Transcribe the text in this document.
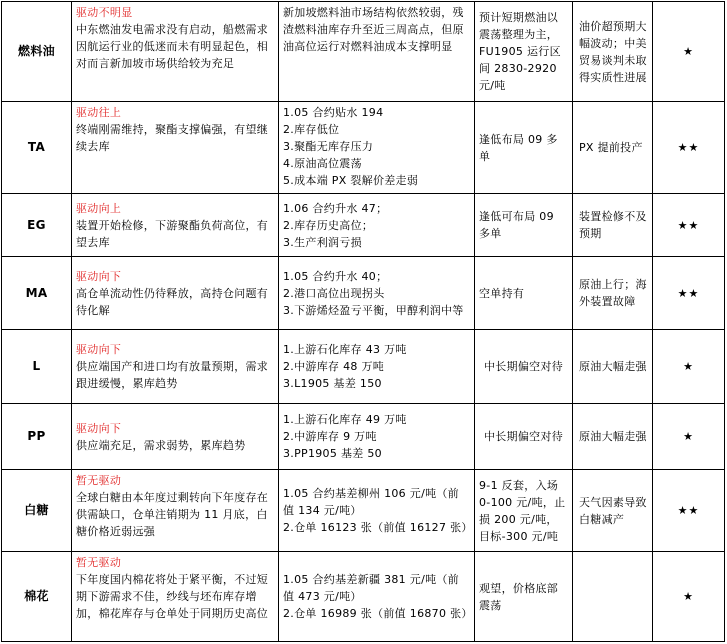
燃料油	驱动不明显
中东燃油发电需求没有启动，船燃需求因航运行业的低迷而未有明显起色，相对而言新加坡市场供给较为充足	新加坡燃料油市场结构依然较弱，残渣燃料油库存升至近三周高点，但原油高位运行对燃料油成本支撑明显	预计短期燃油以震荡整理为主，FU1905 运行区间 2830-2920 元/吨	油价超预期大幅波动；中美贸易谈判未取得实质性进展	★
TA	驱动往上
终端刚需维持，聚酯支撑偏强，有望继续去库	1.05 合约贴水 194
2.库存低位
3.聚酯无库存压力
4.原油高位震荡
5.成本端 PX 裂解价差走弱	逢低布局 09 多单	PX 提前投产	★★
EG	驱动向上
装置开始检修，下游聚酯负荷高位，有望去库	1.06 合约升水 47；
2.库存历史高位；
3.生产利润亏损	逢低可布局 09 多单	装置检修不及预期	★★
MA	驱动向下
高仓单流动性仍待释放，高持仓问题有待化解	1.05 合约升水 40；
2.港口高位出现拐头
3.下游烯烃盈亏平衡，甲醇利润中等	空单持有	原油上行；海外装置故障	★★
L	驱动向下
供应端国产和进口均有放量预期，需求跟进缓慢，累库趋势	1.上游石化库存 43 万吨
2.中游库存 48 万吨
3.L1905 基差 150	中长期偏空对待	原油大幅走强	★
PP	驱动向下
供应端充足，需求弱势，累库趋势	1.上游石化库存 49 万吨
2.中游库存 9 万吨
3.PP1905 基差 50	中长期偏空对待	原油大幅走强	★
白糖	暂无驱动
全球白糖由本年度过剩转向下年度存在供需缺口，仓单注销期为 11 月底，白糖价格近弱远强	1.05 合约基差柳州 106 元/吨（前值 134 元/吨）
2.仓单 16123 张（前值 16127 张）	9-1 反套，入场 0-100 元/吨，止损 200 元/吨，目标-300 元/吨	天气因素导致白糖减产	★★
棉花	暂无驱动
下年度国内棉花将处于紧平衡，不过短期下游需求不佳，纱线与坯布库存增加，棉花库存与仓单处于同期历史高位	1.05 合约基差新疆 381 元/吨（前值 473 元/吨）
2.仓单 16989 张（前值 16870 张）	观望，价格底部震荡		★
